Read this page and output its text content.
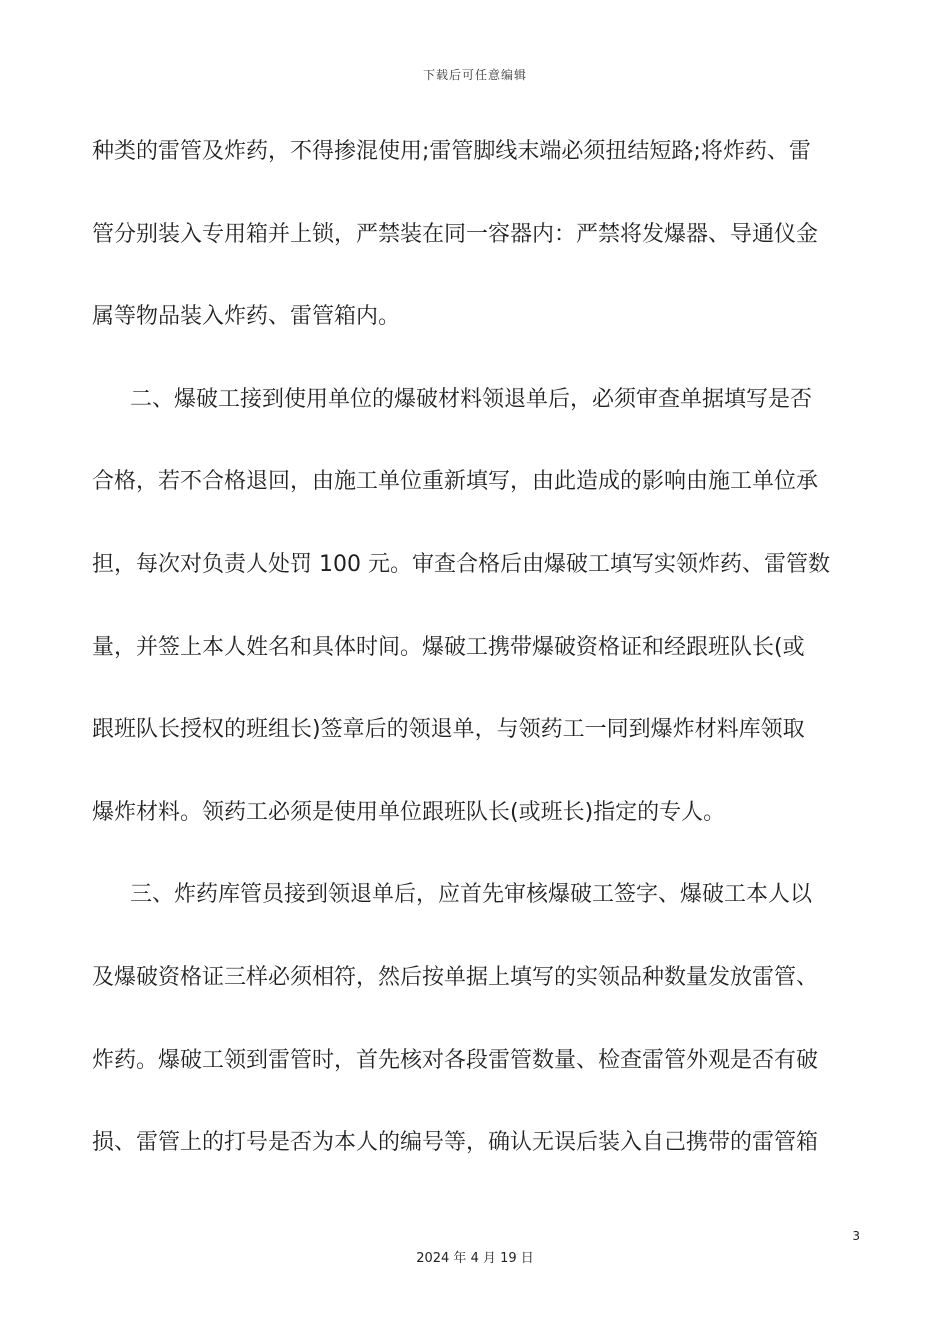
下载后可任意编辑
种类的雷管及炸药，不得掺混使用;雷管脚线末端必须扭结短路;将炸药、雷
管分别装入专用箱并上锁，严禁装在同一容器内：严禁将发爆器、导通仪金
属等物品装入炸药、雷管箱内。
二、爆破工接到使用单位的爆破材料领退单后，必须审查单据填写是否
合格，若不合格退回，由施工单位重新填写，由此造成的影响由施工单位承
担，每次对负责人处罚 100 元。审查合格后由爆破工填写实领炸药、雷管数
量，并签上本人姓名和具体时间。爆破工携带爆破资格证和经跟班队长(或
跟班队长授权的班组长)签章后的领退单，与领药工一同到爆炸材料库领取
爆炸材料。领药工必须是使用单位跟班队长(或班长)指定的专人。
三、炸药库管员接到领退单后，应首先审核爆破工签字、爆破工本人以
及爆破资格证三样必须相符，然后按单据上填写的实领品种数量发放雷管、
炸药。爆破工领到雷管时，首先核对各段雷管数量、检查雷管外观是否有破
损、雷管上的打号是否为本人的编号等，确认无误后装入自己携带的雷管箱
3
2024 年 4 月 19 日
